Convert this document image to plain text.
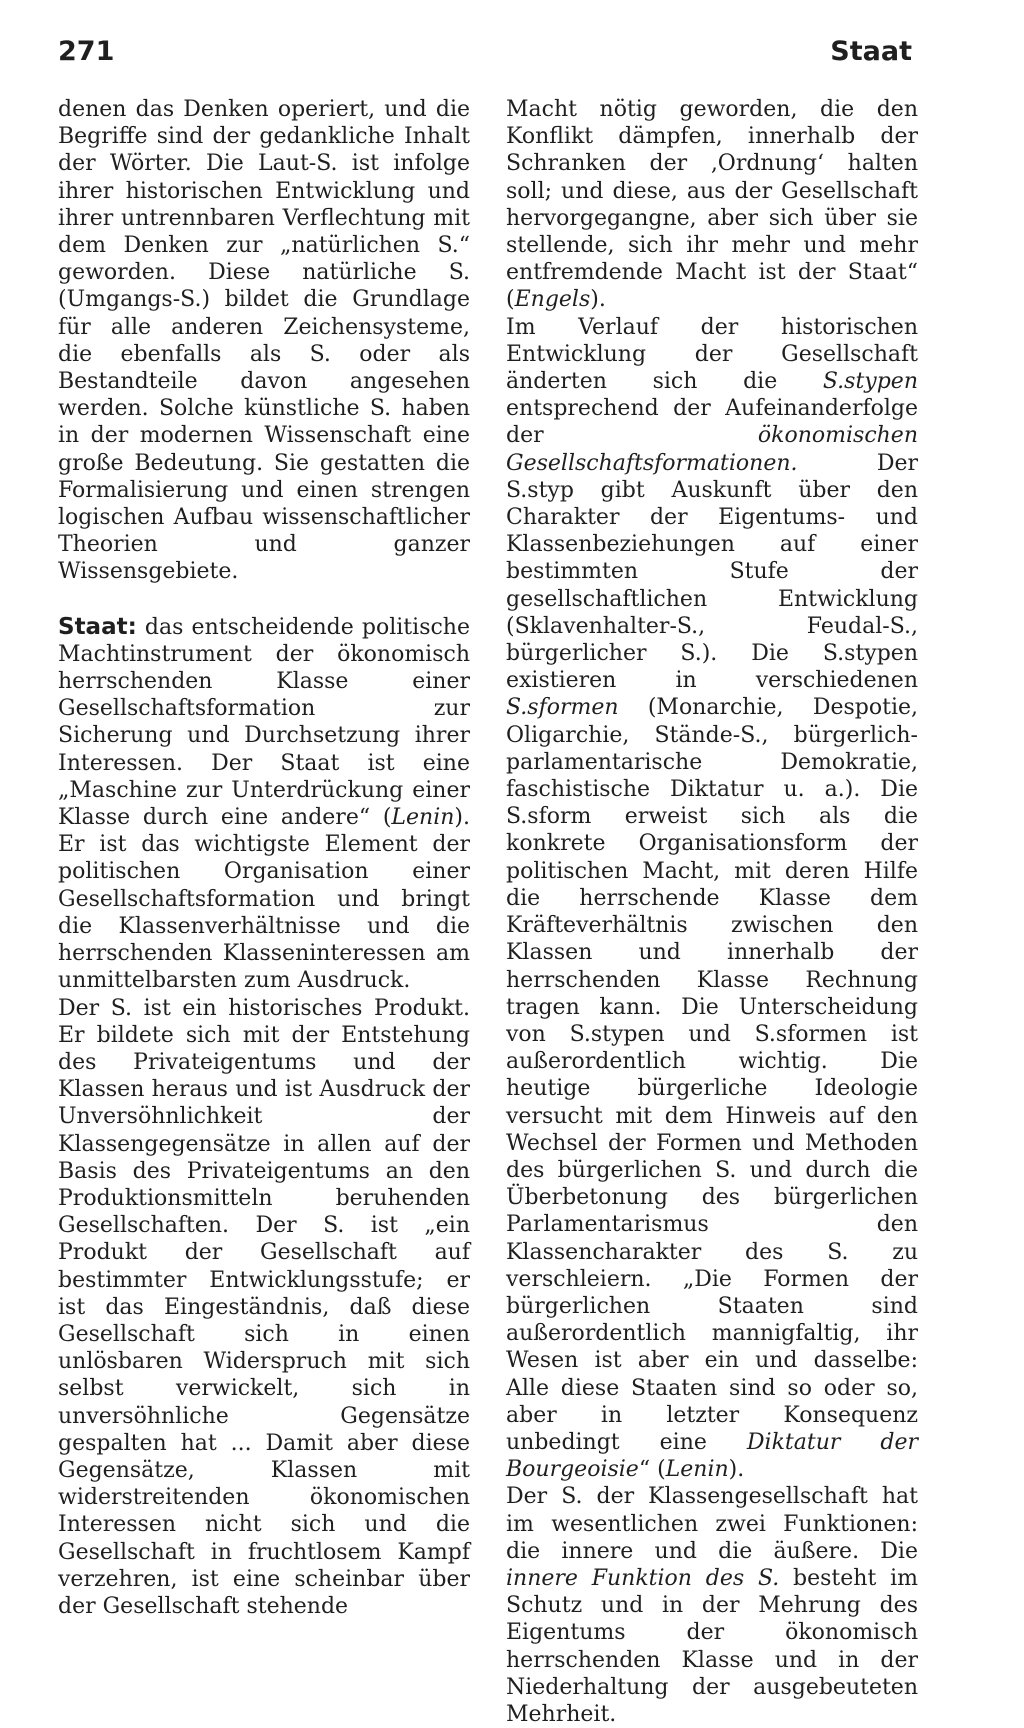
271	Staat

denen das Denken operiert, und die Begriffe sind der gedankliche Inhalt der Wörter. Die Laut-S. ist infolge ihrer historischen Entwicklung und ihrer untrennbaren Verflechtung mit dem Denken zur „natürlichen S.“ geworden. Diese natürliche S. (Umgangs-S.) bildet die Grundlage für alle anderen Zeichensysteme, die ebenfalls als S. oder als Bestandteile davon angesehen werden. Solche künstliche S. haben in der modernen Wissenschaft eine große Bedeutung. Sie gestatten die Formalisierung und einen strengen logischen Aufbau wissenschaftlicher Theorien und ganzer Wissensgebiete.

Staat: das entscheidende politische Machtinstrument der ökonomisch herrschenden Klasse einer Gesellschaftsformation zur Sicherung und Durchsetzung ihrer Interessen. Der Staat ist eine „Maschine zur Unterdrückung einer Klasse durch eine andere“ (Lenin). Er ist das wichtigste Element der politischen Organisation einer Gesellschaftsformation und bringt die Klassenverhältnisse und die herrschenden Klasseninteressen am unmittelbarsten zum Ausdruck.

Der S. ist ein historisches Produkt. Er bildete sich mit der Entstehung des Privateigentums und der Klassen heraus und ist Ausdruck der Unversöhnlichkeit der Klassengegensätze in allen auf der Basis des Privateigentums an den Produktionsmitteln beruhenden Gesellschaften. Der S. ist „ein Produkt der Gesellschaft auf bestimmter Entwicklungsstufe; er ist das Eingeständnis, daß diese Gesellschaft sich in einen unlösbaren Widerspruch mit sich selbst verwickelt, sich in unversöhnliche Gegensätze gespalten hat ... Damit aber diese Gegensätze, Klassen mit widerstreitenden ökonomischen Interessen nicht sich und die Gesellschaft in fruchtlosem Kampf verzehren, ist eine scheinbar über der Gesellschaft stehende

Macht nötig geworden, die den Konflikt dämpfen, innerhalb der Schranken der ‚Ordnung‘ halten soll; und diese, aus der Gesellschaft hervorgegangne, aber sich über sie stellende, sich ihr mehr und mehr entfremdende Macht ist der Staat“ (Engels).

Im Verlauf der historischen Entwicklung der Gesellschaft änderten sich die S.stypen entsprechend der Aufeinanderfolge der ökonomischen Gesellschaftsformationen. Der S.styp gibt Auskunft über den Charakter der Eigentums- und Klassenbeziehungen auf einer bestimmten Stufe der gesellschaftlichen Entwicklung (Sklavenhalter-S., Feudal-S., bürgerlicher S.). Die S.stypen existieren in verschiedenen S.sformen (Monarchie, Despotie, Oligarchie, Stände-S., bürgerlich-parlamentarische Demokratie, faschistische Diktatur u. a.). Die S.sform erweist sich als die konkrete Organisationsform der politischen Macht, mit deren Hilfe die herrschende Klasse dem Kräfteverhältnis zwischen den Klassen und innerhalb der herrschenden Klasse Rechnung tragen kann. Die Unterscheidung von S.stypen und S.sformen ist außerordentlich wichtig. Die heutige bürgerliche Ideologie versucht mit dem Hinweis auf den Wechsel der Formen und Methoden des bürgerlichen S. und durch die Überbetonung des bürgerlichen Parlamentarismus den Klassencharakter des S. zu verschleiern. „Die Formen der bürgerlichen Staaten sind außerordentlich mannigfaltig, ihr Wesen ist aber ein und dasselbe: Alle diese Staaten sind so oder so, aber in letzter Konsequenz unbedingt eine Diktatur der Bourgeoisie“ (Lenin).

Der S. der Klassengesellschaft hat im wesentlichen zwei Funktionen: die innere und die äußere. Die innere Funktion des S. besteht im Schutz und in der Mehrung des Eigentums der ökonomisch herrschenden Klasse und in der Niederhaltung der ausgebeuteten Mehrheit.
